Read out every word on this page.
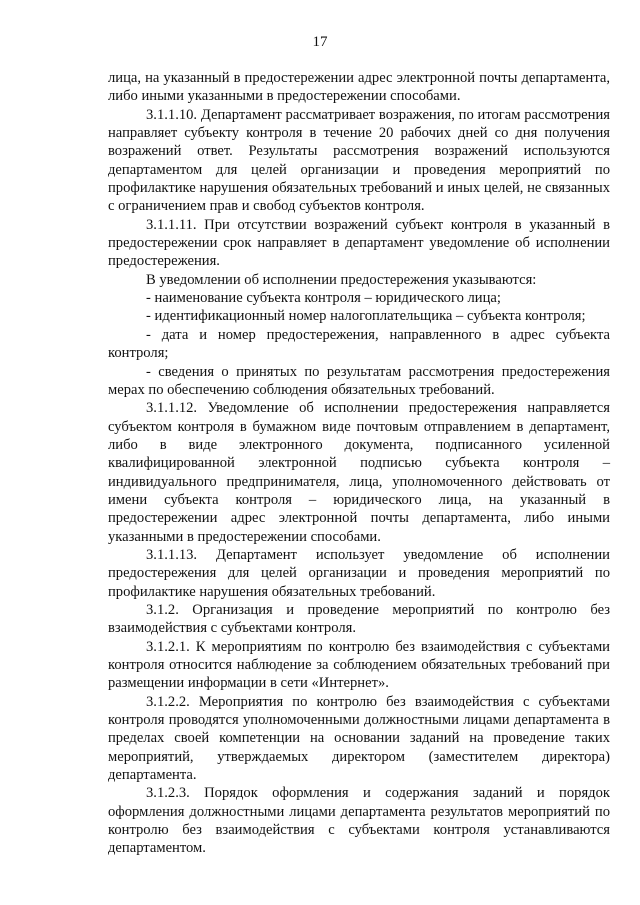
17

лица, на указанный в предостережении адрес электронной почты департамента, либо иными указанными в предостережении способами.

3.1.1.10. Департамент рассматривает возражения, по итогам рассмотрения направляет субъекту контроля в течение 20 рабочих дней со дня получения возражений ответ. Результаты рассмотрения возражений используются департаментом для целей организации и проведения мероприятий по профилактике нарушения обязательных требований и иных целей, не связанных с ограничением прав и свобод субъектов контроля.

3.1.1.11. При отсутствии возражений субъект контроля в указанный в предостережении срок направляет в департамент уведомление об исполнении предостережения.

В уведомлении об исполнении предостережения указываются:

- наименование субъекта контроля – юридического лица;

- идентификационный номер налогоплательщика – субъекта контроля;

- дата и номер предостережения, направленного в адрес субъекта контроля;

- сведения о принятых по результатам рассмотрения предостережения мерах по обеспечению соблюдения обязательных требований.

3.1.1.12. Уведомление об исполнении предостережения направляется субъектом контроля в бумажном виде почтовым отправлением в департамент, либо в виде электронного документа, подписанного усиленной квалифицированной электронной подписью субъекта контроля – индивидуального предпринимателя, лица, уполномоченного действовать от имени субъекта контроля – юридического лица, на указанный в предостережении адрес электронной почты департамента, либо иными указанными в предостережении способами.

3.1.1.13. Департамент использует уведомление об исполнении предостережения для целей организации и проведения мероприятий по профилактике нарушения обязательных требований.

3.1.2. Организация и проведение мероприятий по контролю без взаимодействия с субъектами контроля.

3.1.2.1. К мероприятиям по контролю без взаимодействия с субъектами контроля относится наблюдение за соблюдением обязательных требований при размещении информации в сети «Интернет».

3.1.2.2. Мероприятия по контролю без взаимодействия с субъектами контроля проводятся уполномоченными должностными лицами департамента в пределах своей компетенции на основании заданий на проведение таких мероприятий, утверждаемых директором (заместителем директора) департамента.

3.1.2.3. Порядок оформления и содержания заданий и порядок оформления должностными лицами департамента результатов мероприятий по контролю без взаимодействия с субъектами контроля устанавливаются департаментом.
